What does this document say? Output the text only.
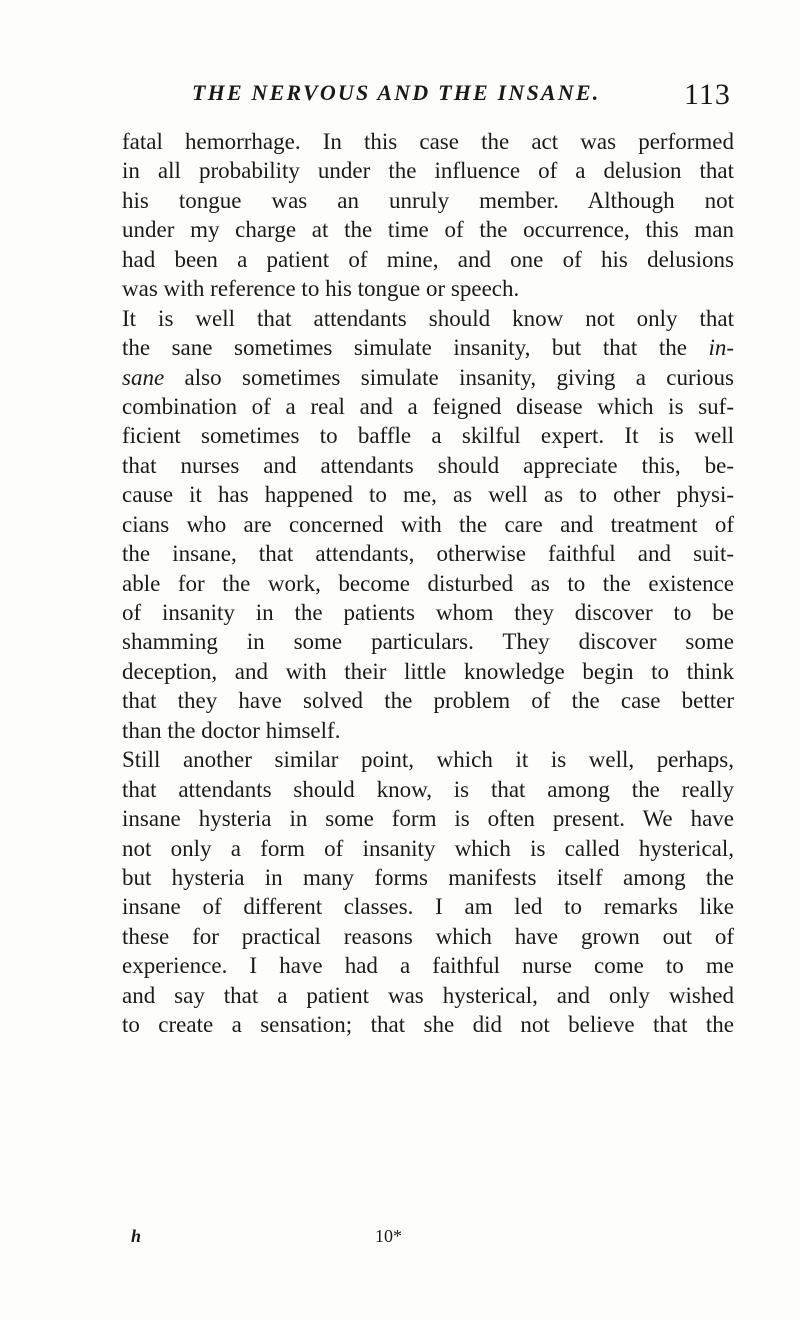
THE NERVOUS AND THE INSANE.	113
fatal hemorrhage. In this case the act was performed
in all probability under the influence of a delusion that
his tongue was an unruly member. Although not
under my charge at the time of the occurrence, this man
had been a patient of mine, and one of his delusions
was with reference to his tongue or speech.
It is well that attendants should know not only that
the sane sometimes simulate insanity, but that the in-
sane also sometimes simulate insanity, giving a curious
combination of a real and a feigned disease which is suf-
ficient sometimes to baffle a skilful expert. It is well
that nurses and attendants should appreciate this, be-
cause it has happened to me, as well as to other physi-
cians who are concerned with the care and treatment of
the insane, that attendants, otherwise faithful and suit-
able for the work, become disturbed as to the existence
of insanity in the patients whom they discover to be
shamming in some particulars. They discover some
deception, and with their little knowledge begin to think
that they have solved the problem of the case better
than the doctor himself.
Still another similar point, which it is well, perhaps,
that attendants should know, is that among the really
insane hysteria in some form is often present. We have
not only a form of insanity which is called hysterical,
but hysteria in many forms manifests itself among the
insane of different classes. I am led to remarks like
these for practical reasons which have grown out of
experience. I have had a faithful nurse come to me
and say that a patient was hysterical, and only wished
to create a sensation; that she did not believe that the
h	10*
